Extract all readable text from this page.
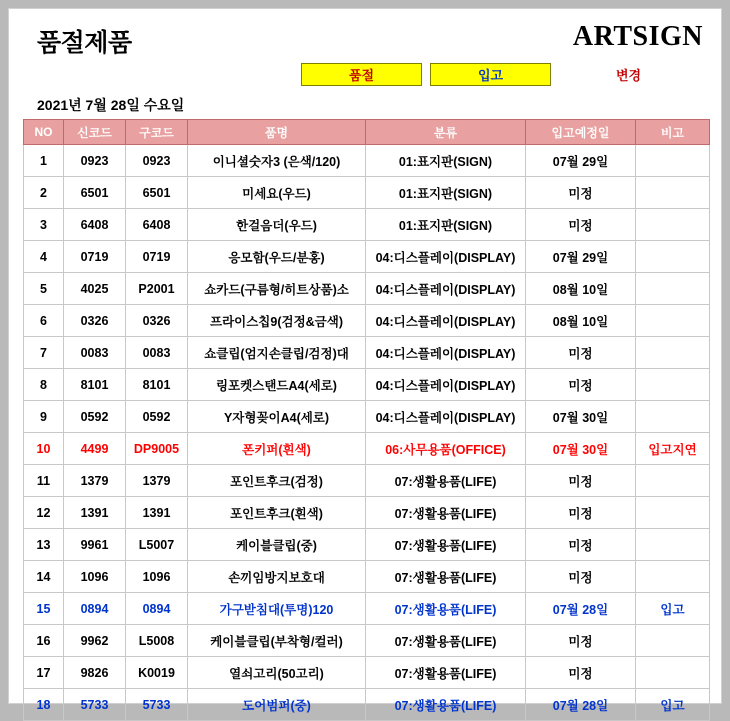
품절제품	ARTSIGN
품절	입고	변경
2021년 7월 28일 수요일
NO	신코드	구코드	품명	분류	입고예정일	비고
1	0923	0923	이니셜숫자3 (은색/120)	01:표지판(SIGN)	07월 29일	
2	6501	6501	미세요(우드)	01:표지판(SIGN)	미정	
3	6408	6408	한걸음더(우드)	01:표지판(SIGN)	미정	
4	0719	0719	응모함(우드/분홍)	04:디스플레이(DISPLAY)	07월 29일	
5	4025	P2001	쇼카드(구름형/히트상품)소	04:디스플레이(DISPLAY)	08월 10일	
6	0326	0326	프라이스칩9(검정&금색)	04:디스플레이(DISPLAY)	08월 10일	
7	0083	0083	쇼클립(엄지손클립/검정)대	04:디스플레이(DISPLAY)	미정	
8	8101	8101	링포켓스탠드A4(세로)	04:디스플레이(DISPLAY)	미정	
9	0592	0592	Y자형꽂이A4(세로)	04:디스플레이(DISPLAY)	07월 30일	
10	4499	DP9005	폰키퍼(흰색)	06:사무용품(OFFICE)	07월 30일	입고지연
11	1379	1379	포인트후크(검정)	07:생활용품(LIFE)	미정	
12	1391	1391	포인트후크(흰색)	07:생활용품(LIFE)	미정	
13	9961	L5007	케이블클립(중)	07:생활용품(LIFE)	미정	
14	1096	1096	손끼임방지보호대	07:생활용품(LIFE)	미정	
15	0894	0894	가구받침대(투명)120	07:생활용품(LIFE)	07월 28일	입고
16	9962	L5008	케이블클립(부착형/컬러)	07:생활용품(LIFE)	미정	
17	9826	K0019	열쇠고리(50고리)	07:생활용품(LIFE)	미정	
18	5733	5733	도어범퍼(중)	07:생활용품(LIFE)	07월 28일	입고
